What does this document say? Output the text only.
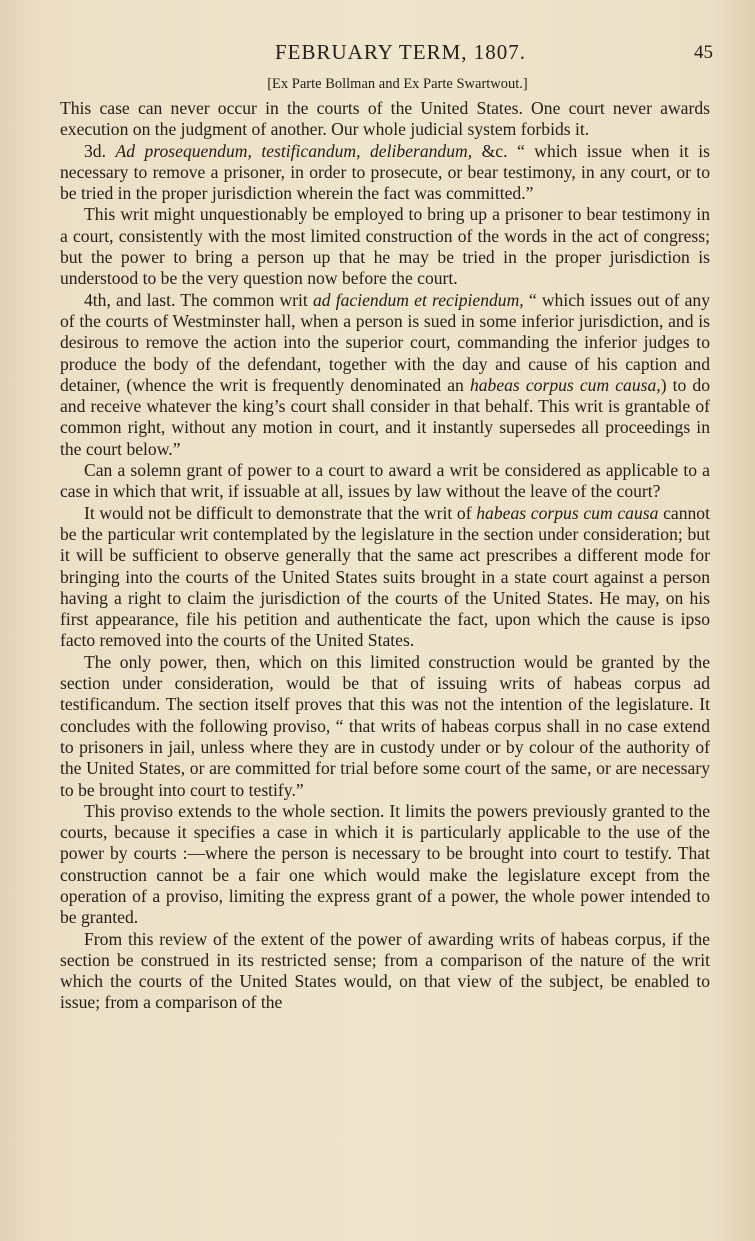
FEBRUARY TERM, 1807.	45
[Ex Parte Bollman and Ex Parte Swartwout.]

This case can never occur in the courts of the United States. One court never awards execution on the judgment of another. Our whole judicial system forbids it.

3d. Ad prosequendum, testificandum, deliberandum, &c. “ which issue when it is necessary to remove a prisoner, in order to prosecute, or bear testimony, in any court, or to be tried in the proper jurisdiction wherein the fact was committed.”

This writ might unquestionably be employed to bring up a prisoner to bear testimony in a court, consistently with the most limited construction of the words in the act of congress; but the power to bring a person up that he may be tried in the proper jurisdiction is understood to be the very question now before the court.

4th, and last. The common writ ad faciendum et recipiendum, “ which issues out of any of the courts of Westminster hall, when a person is sued in some inferior jurisdiction, and is desirous to remove the action into the superior court, commanding the inferior judges to produce the body of the defendant, together with the day and cause of his caption and detainer, (whence the writ is frequently denominated an habeas corpus cum causa,) to do and receive whatever the king’s court shall consider in that behalf. This writ is grantable of common right, without any motion in court, and it instantly supersedes all proceedings in the court below.”

Can a solemn grant of power to a court to award a writ be considered as applicable to a case in which that writ, if issuable at all, issues by law without the leave of the court?

It would not be difficult to demonstrate that the writ of habeas corpus cum causa cannot be the particular writ contemplated by the legislature in the section under consideration; but it will be sufficient to observe generally that the same act prescribes a different mode for bringing into the courts of the United States suits brought in a state court against a person having a right to claim the jurisdiction of the courts of the United States. He may, on his first appearance, file his petition and authenticate the fact, upon which the cause is ipso facto removed into the courts of the United States.

The only power, then, which on this limited construction would be granted by the section under consideration, would be that of issuing writs of habeas corpus ad testificandum. The section itself proves that this was not the intention of the legislature. It concludes with the following proviso, “ that writs of habeas corpus shall in no case extend to prisoners in jail, unless where they are in custody under or by colour of the authority of the United States, or are committed for trial before some court of the same, or are necessary to be brought into court to testify.”

This proviso extends to the whole section. It limits the powers previously granted to the courts, because it specifies a case in which it is particularly applicable to the use of the power by courts :—where the person is necessary to be brought into court to testify. That construction cannot be a fair one which would make the legislature except from the operation of a proviso, limiting the express grant of a power, the whole power intended to be granted.

From this review of the extent of the power of awarding writs of habeas corpus, if the section be construed in its restricted sense; from a comparison of the nature of the writ which the courts of the United States would, on that view of the subject, be enabled to issue; from a comparison of the
